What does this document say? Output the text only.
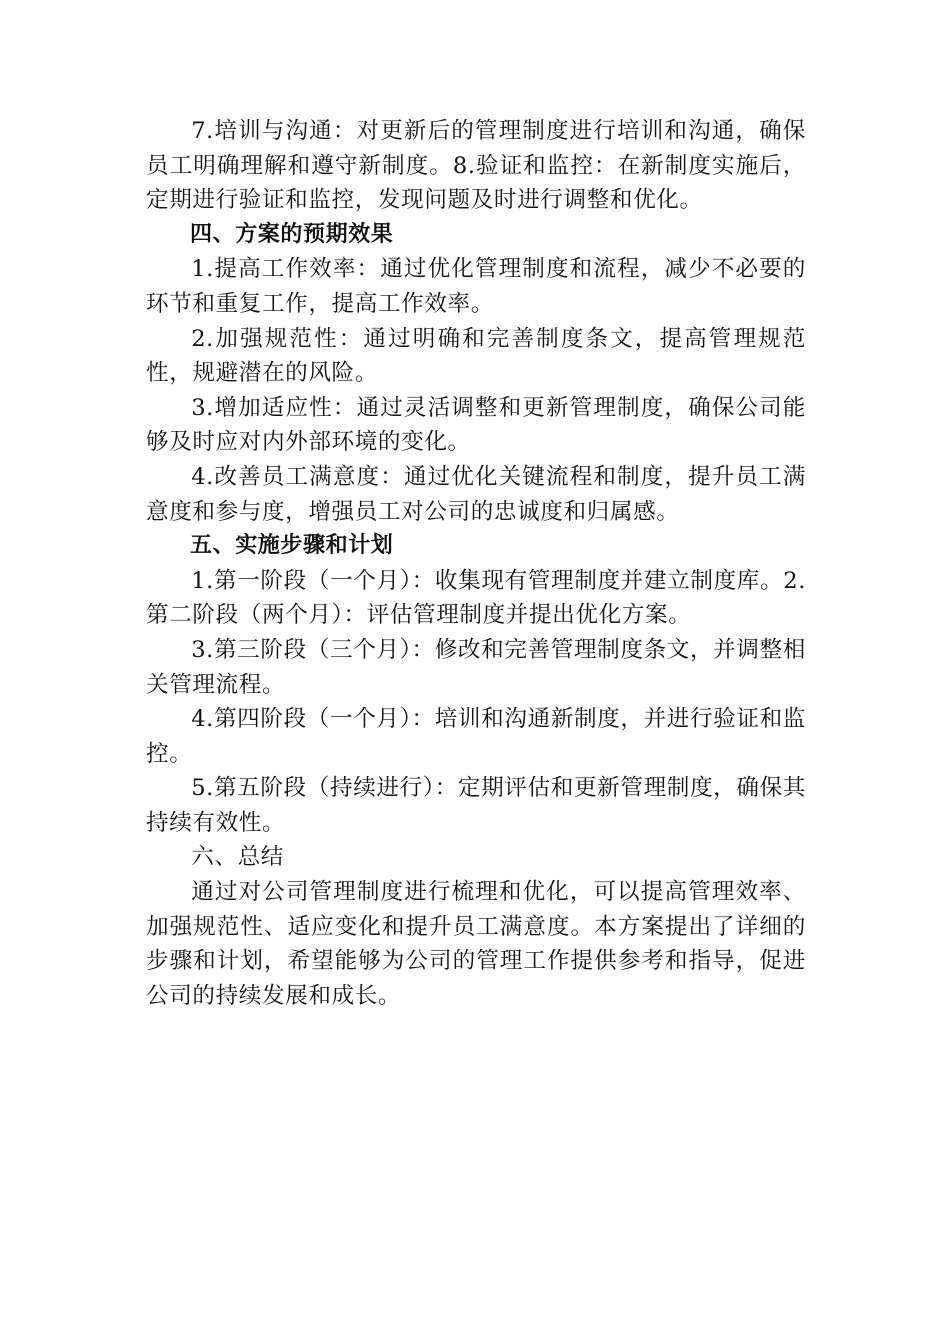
7.培训与沟通：对更新后的管理制度进行培训和沟通，确保员工明确理解和遵守新制度。8.验证和监控：在新制度实施后，定期进行验证和监控，发现问题及时进行调整和优化。

四、方案的预期效果

1.提高工作效率：通过优化管理制度和流程，减少不必要的环节和重复工作，提高工作效率。

2.加强规范性：通过明确和完善制度条文，提高管理规范性，规避潜在的风险。

3.增加适应性：通过灵活调整和更新管理制度，确保公司能够及时应对内外部环境的变化。

4.改善员工满意度：通过优化关键流程和制度，提升员工满意度和参与度，增强员工对公司的忠诚度和归属感。

五、实施步骤和计划

1.第一阶段（一个月）：收集现有管理制度并建立制度库。2.第二阶段（两个月）：评估管理制度并提出优化方案。

3.第三阶段（三个月）：修改和完善管理制度条文，并调整相关管理流程。

4.第四阶段（一个月）：培训和沟通新制度，并进行验证和监控。

5.第五阶段（持续进行）：定期评估和更新管理制度，确保其持续有效性。

六、总结

通过对公司管理制度进行梳理和优化，可以提高管理效率、加强规范性、适应变化和提升员工满意度。本方案提出了详细的步骤和计划，希望能够为公司的管理工作提供参考和指导，促进公司的持续发展和成长。
